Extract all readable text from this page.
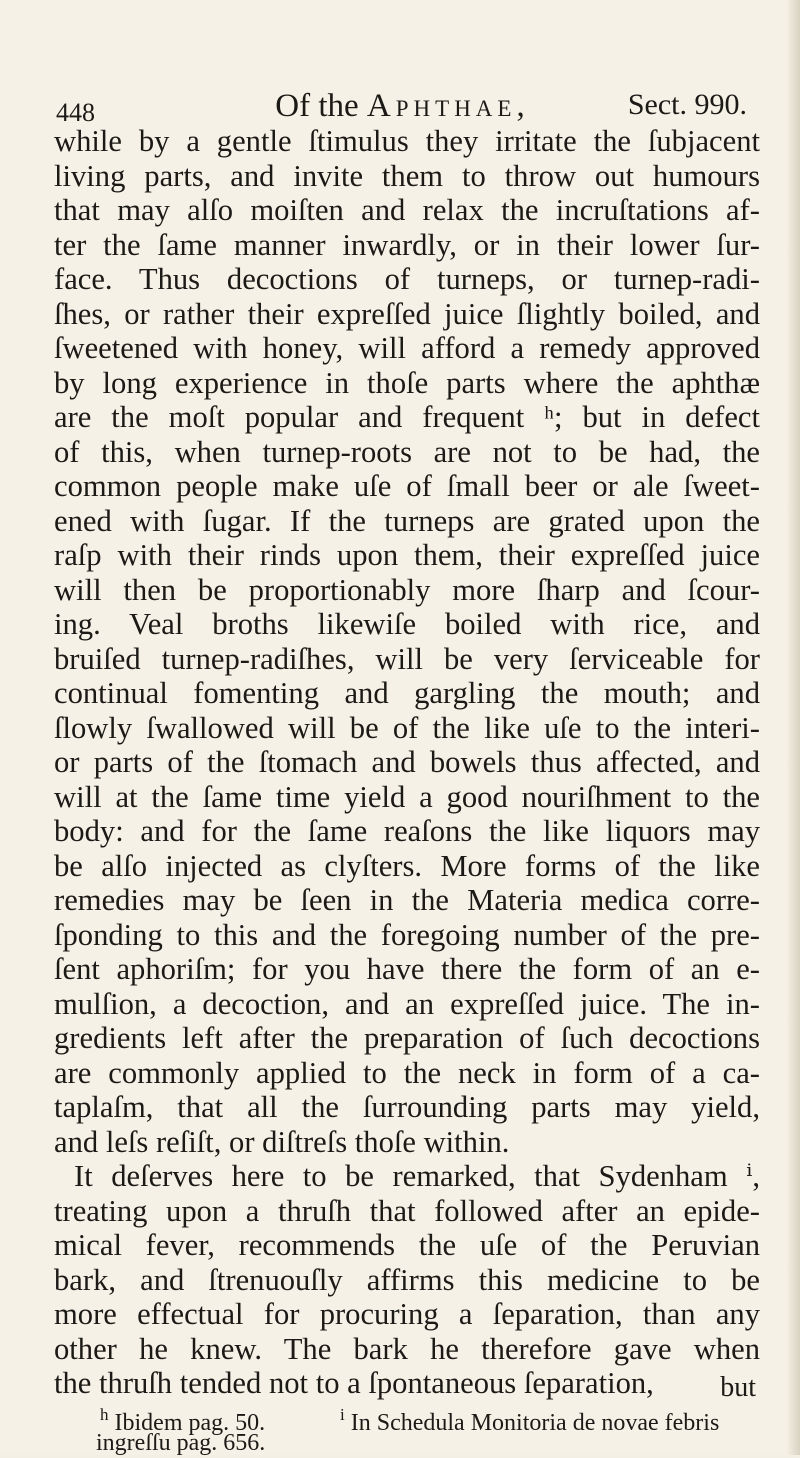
448	Of the Aphthae,	Sect. 990.
while by a gentle ſtimulus they irritate the ſubjacent
living parts, and invite them to throw out humours
that may alſo moiſten and relax the incruſtations af-
ter the ſame manner inwardly, or in their lower ſur-
face. Thus decoctions of turneps, or turnep-radi-
ſhes, or rather their expreſſed juice ſlightly boiled, and
ſweetened with honey, will afford a remedy approved
by long experience in thoſe parts where the aphthæ
are the moſt popular and frequent ʰ; but in defect
of this, when turnep-roots are not to be had, the
common people make uſe of ſmall beer or ale ſweet-
ened with ſugar. If the turneps are grated upon the
raſp with their rinds upon them, their expreſſed juice
will then be proportionably more ſharp and ſcour-
ing. Veal broths likewiſe boiled with rice, and
bruiſed turnep-radiſhes, will be very ſerviceable for
continual fomenting and gargling the mouth; and
ſlowly ſwallowed will be of the like uſe to the interi-
or parts of the ſtomach and bowels thus affected, and
will at the ſame time yield a good nouriſhment to the
body: and for the ſame reaſons the like liquors may
be alſo injected as clyſters. More forms of the like
remedies may be ſeen in the Materia medica corre-
ſponding to this and the foregoing number of the pre-
ſent aphoriſm; for you have there the form of an e-
mulſion, a decoction, and an expreſſed juice. The in-
gredients left after the preparation of ſuch decoctions
are commonly applied to the neck in form of a ca-
taplaſm, that all the ſurrounding parts may yield,
and leſs reſiſt, or diſtreſs thoſe within.
It deſerves here to be remarked, that Sydenham ⁱ,
treating upon a thruſh that followed after an epide-
mical fever, recommends the uſe of the Peruvian
bark, and ſtrenuouſly affirms this medicine to be
more effectual for procuring a ſeparation, than any
other he knew. The bark he therefore gave when
the thruſh tended not to a ſpontaneous ſeparation,	but
$^h$ Ibidem pag. 50.	$^i$ In Schedula Monitoria de novae febris
ingreſſu pag. 656.
